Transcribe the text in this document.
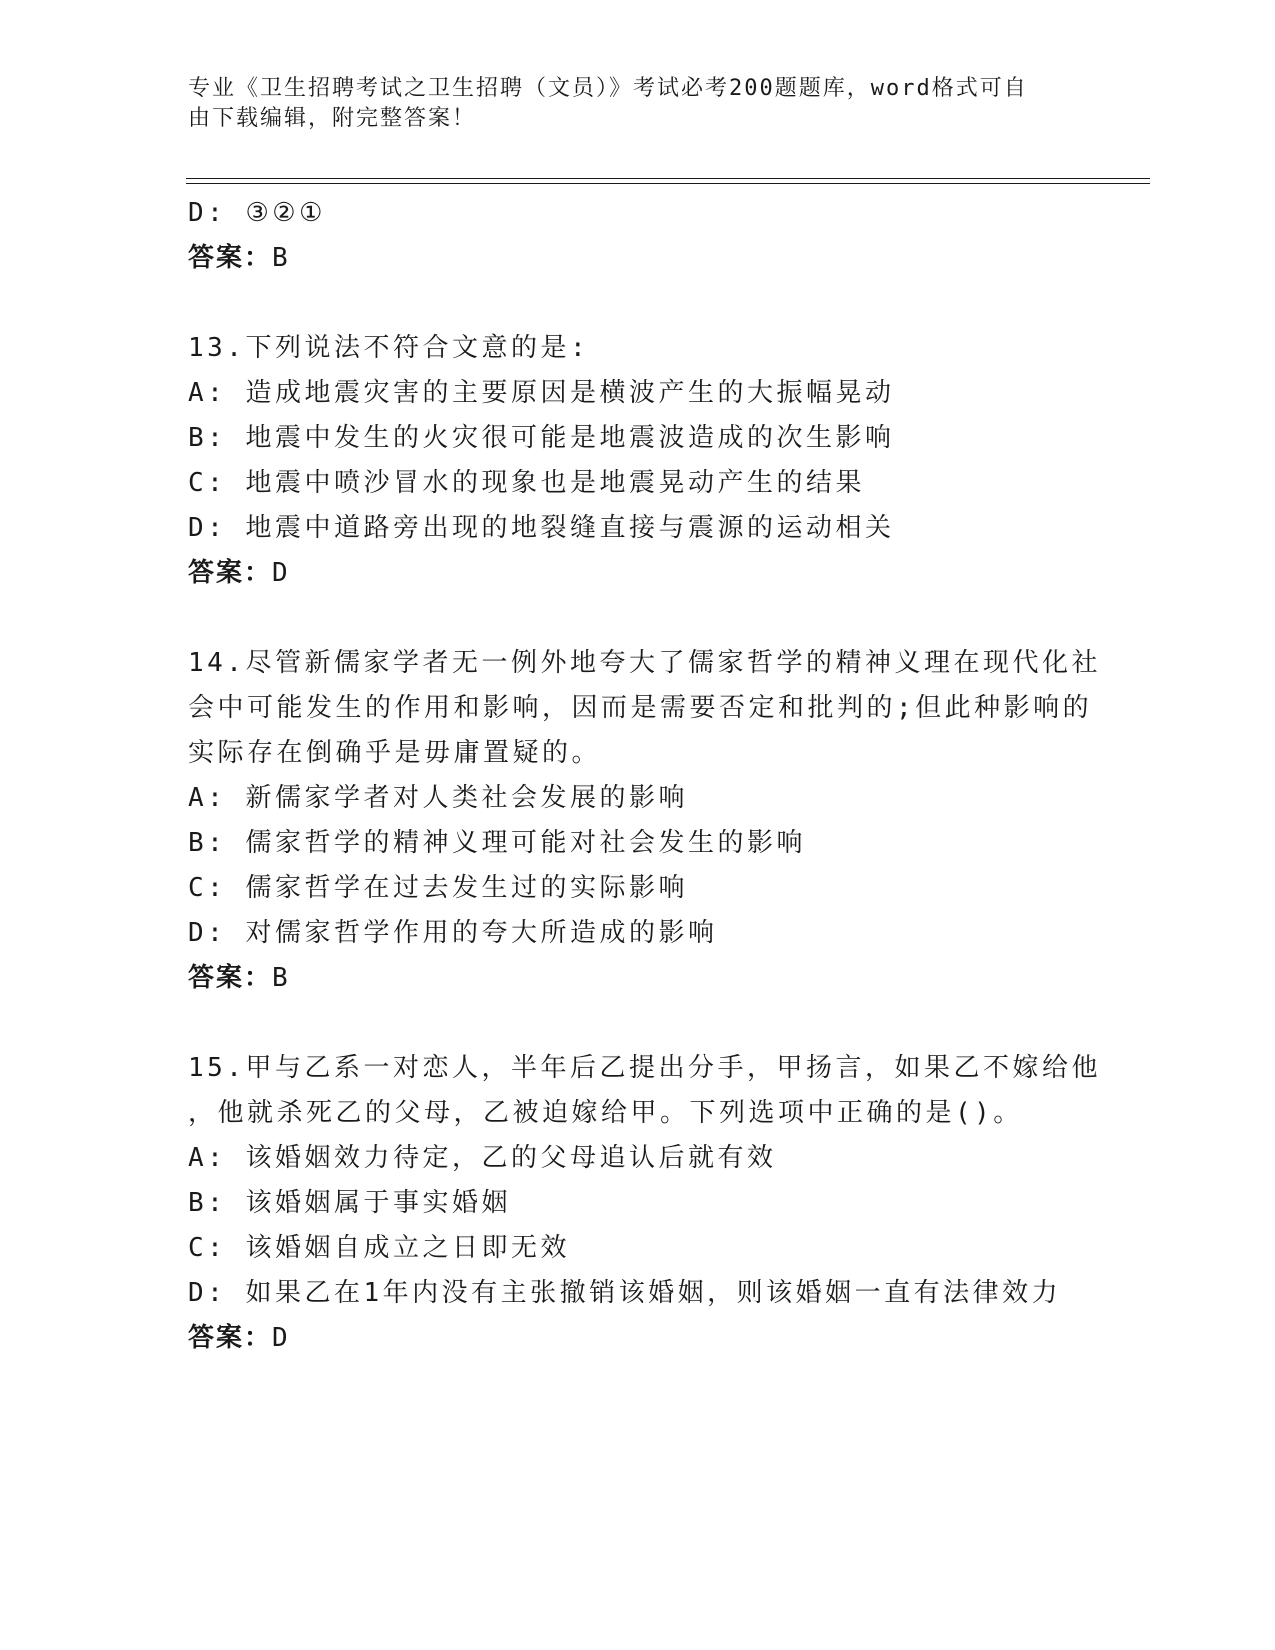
专业《卫生招聘考试之卫生招聘（文员）》考试必考200题题库，word格式可自
由下载编辑，附完整答案！
D: ③②①
答案：B
13.下列说法不符合文意的是:
A: 造成地震灾害的主要原因是横波产生的大振幅晃动
B: 地震中发生的火灾很可能是地震波造成的次生影响
C: 地震中喷沙冒水的现象也是地震晃动产生的结果
D: 地震中道路旁出现的地裂缝直接与震源的运动相关
答案：D
14.尽管新儒家学者无一例外地夸大了儒家哲学的精神义理在现代化社
会中可能发生的作用和影响，因而是需要否定和批判的;但此种影响的
实际存在倒确乎是毋庸置疑的。
A: 新儒家学者对人类社会发展的影响
B: 儒家哲学的精神义理可能对社会发生的影响
C: 儒家哲学在过去发生过的实际影响
D: 对儒家哲学作用的夸大所造成的影响
答案：B
15.甲与乙系一对恋人，半年后乙提出分手，甲扬言，如果乙不嫁给他
，他就杀死乙的父母，乙被迫嫁给甲。下列选项中正确的是()。
A: 该婚姻效力待定，乙的父母追认后就有效
B: 该婚姻属于事实婚姻
C: 该婚姻自成立之日即无效
D: 如果乙在1年内没有主张撤销该婚姻，则该婚姻一直有法律效力
答案：D
